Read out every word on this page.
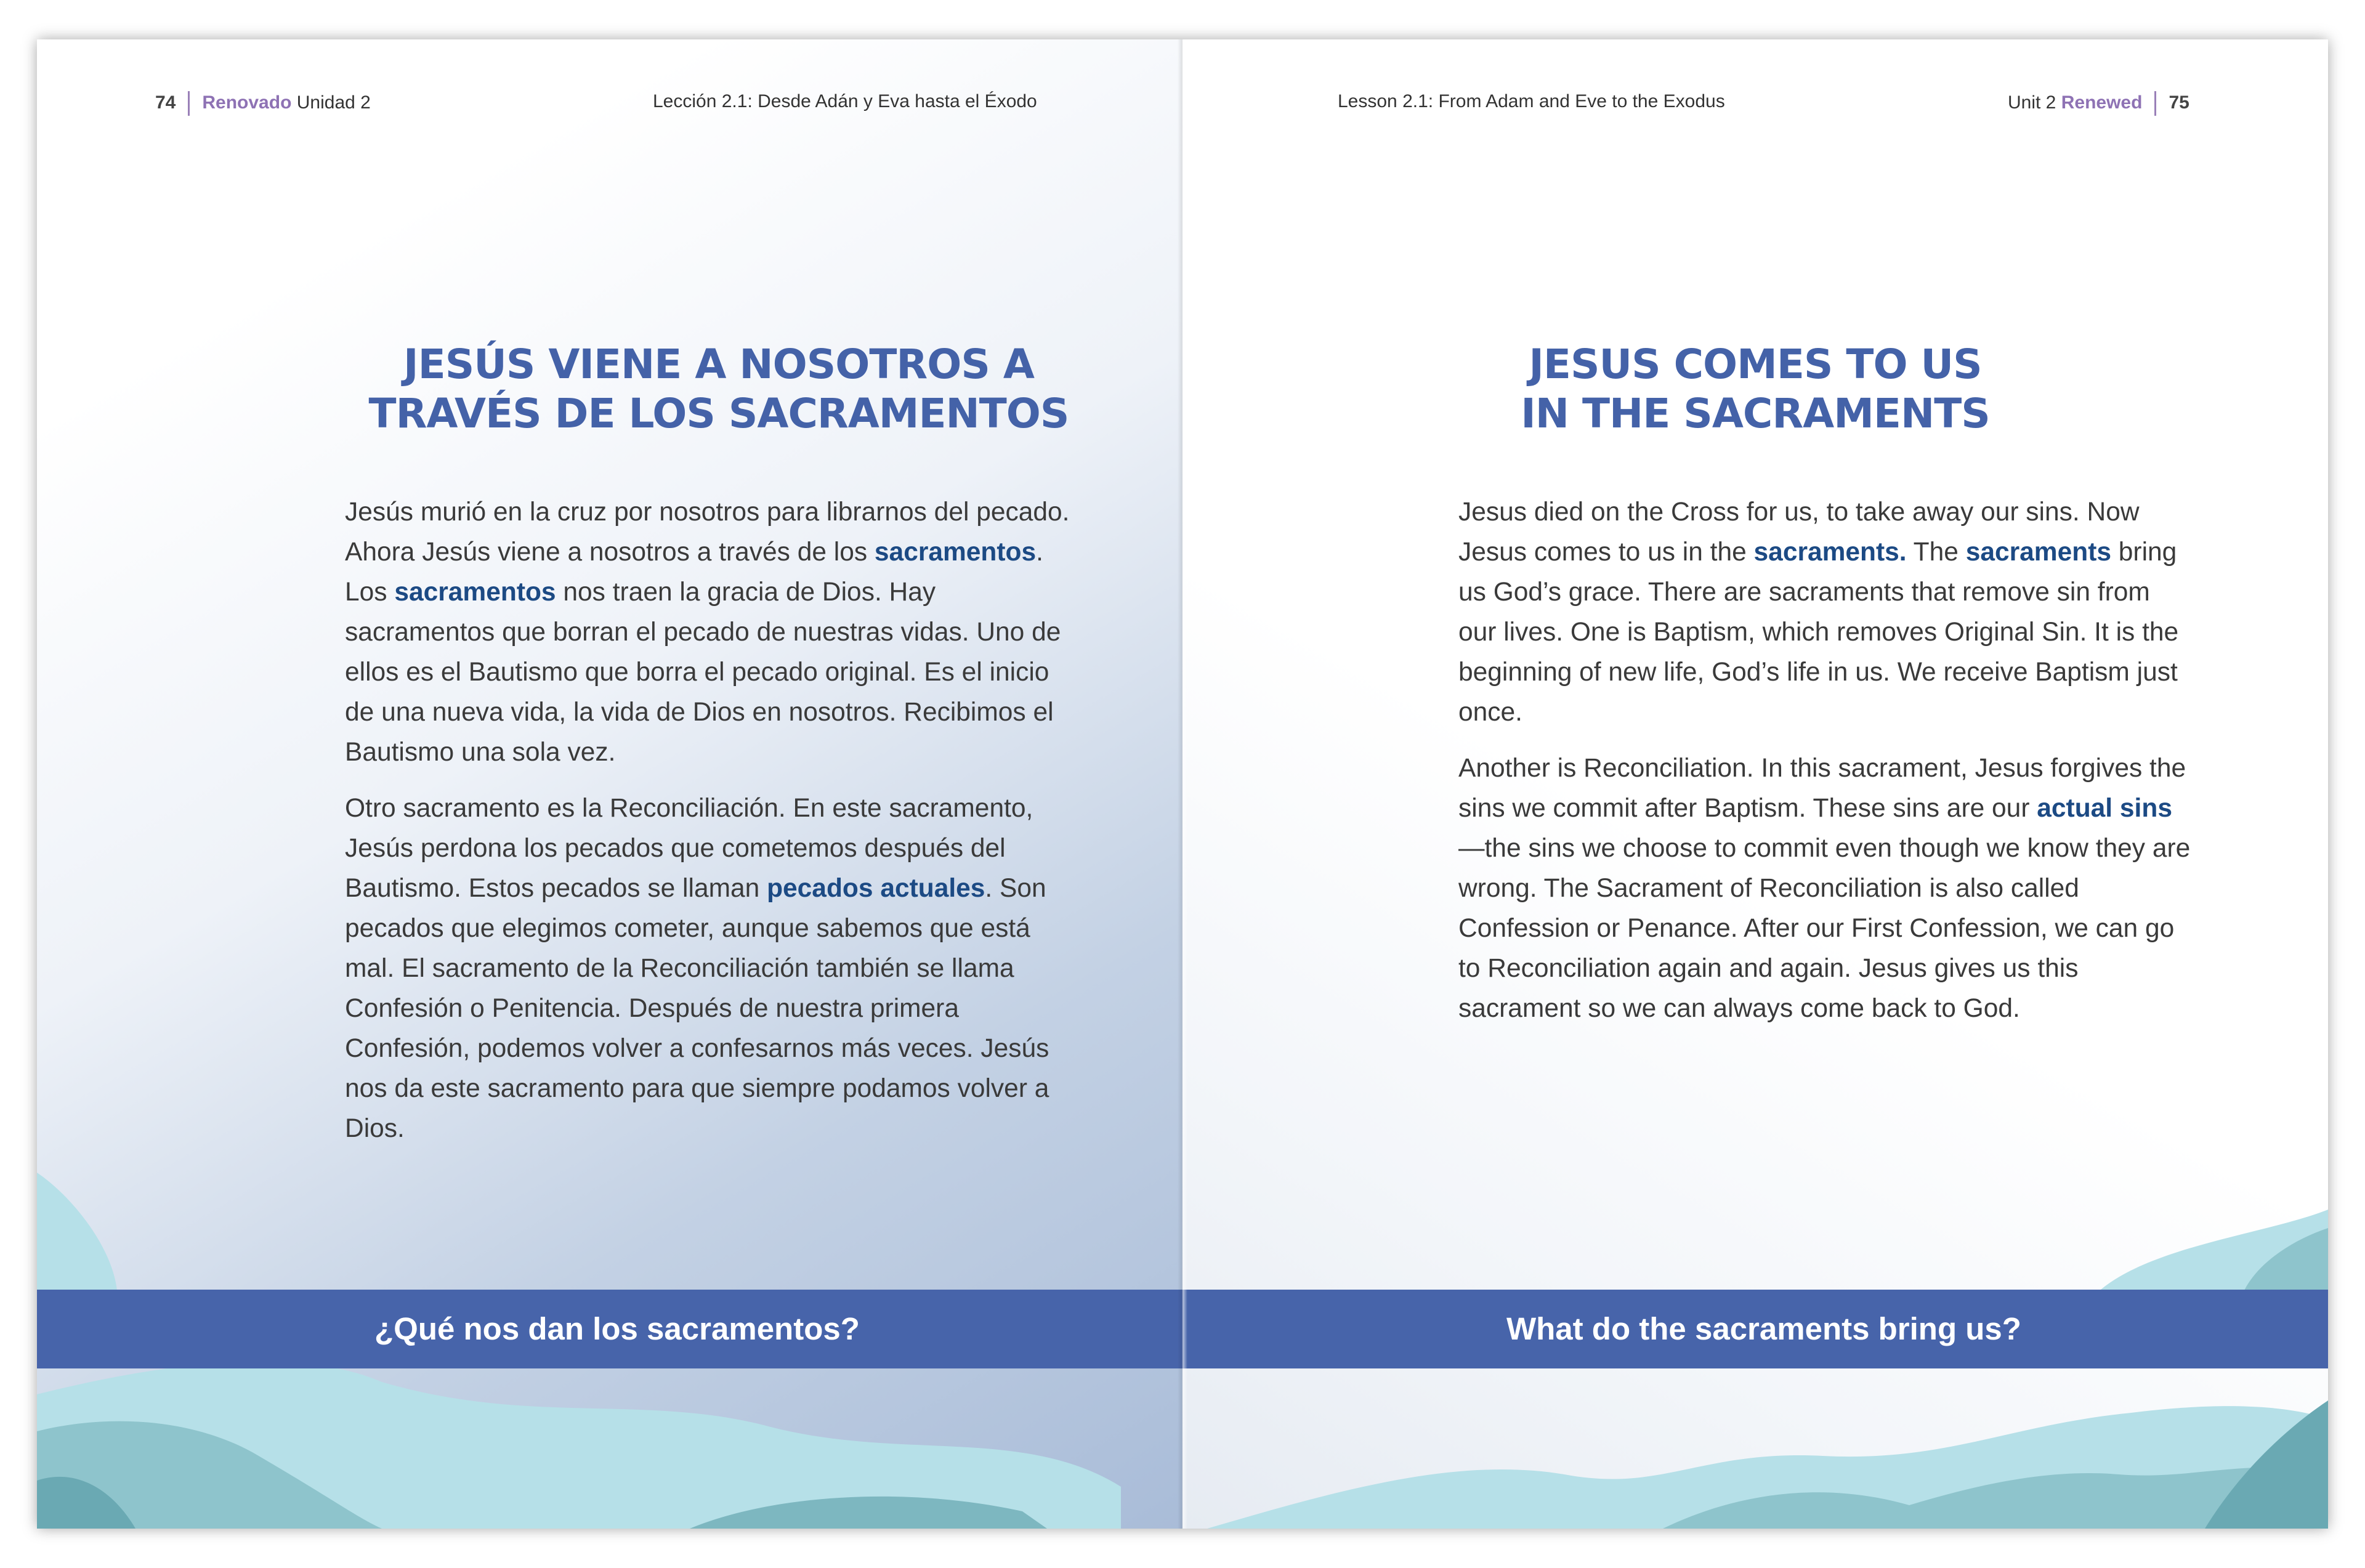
74 Renovado Unidad 2	Lección 2.1: Desde Adán y Eva hasta el Éxodo
JESÚS VIENE A NOSOTROS A
TRAVÉS DE LOS SACRAMENTOS

Jesús murió en la cruz por nosotros para librarnos del pecado. Ahora Jesús viene a nosotros a través de los sacramentos. Los sacramentos nos traen la gracia de Dios. Hay sacramentos que borran el pecado de nuestras vidas. Uno de ellos es el Bautismo que borra el pecado original. Es el inicio de una nueva vida, la vida de Dios en nosotros. Recibimos el Bautismo una sola vez.

Otro sacramento es la Reconciliación. En este sacramento, Jesús perdona los pecados que cometemos después del Bautismo. Estos pecados se llaman pecados actuales. Son pecados que elegimos cometer, aunque sabemos que está mal. El sacramento de la Reconciliación también se llama Confesión o Penitencia. Después de nuestra primera Confesión, podemos volver a confesarnos más veces. Jesús nos da este sacramento para que siempre podamos volver a Dios.

Lesson 2.1: From Adam and Eve to the Exodus	Unit 2 Renewed 75
JESUS COMES TO US
IN THE SACRAMENTS

Jesus died on the Cross for us, to take away our sins. Now Jesus comes to us in the sacraments. The sacraments bring us God’s grace. There are sacraments that remove sin from our lives. One is Baptism, which removes Original Sin. It is the beginning of new life, God’s life in us. We receive Baptism just once.

Another is Reconciliation. In this sacrament, Jesus forgives the sins we commit after Baptism. These sins are our actual sins—the sins we choose to commit even though we know they are wrong. The Sacrament of Reconciliation is also called Confession or Penance. After our First Confession, we can go to Reconciliation again and again. Jesus gives us this sacrament so we can always come back to God.

¿Qué nos dan los sacramentos?	What do the sacraments bring us?
